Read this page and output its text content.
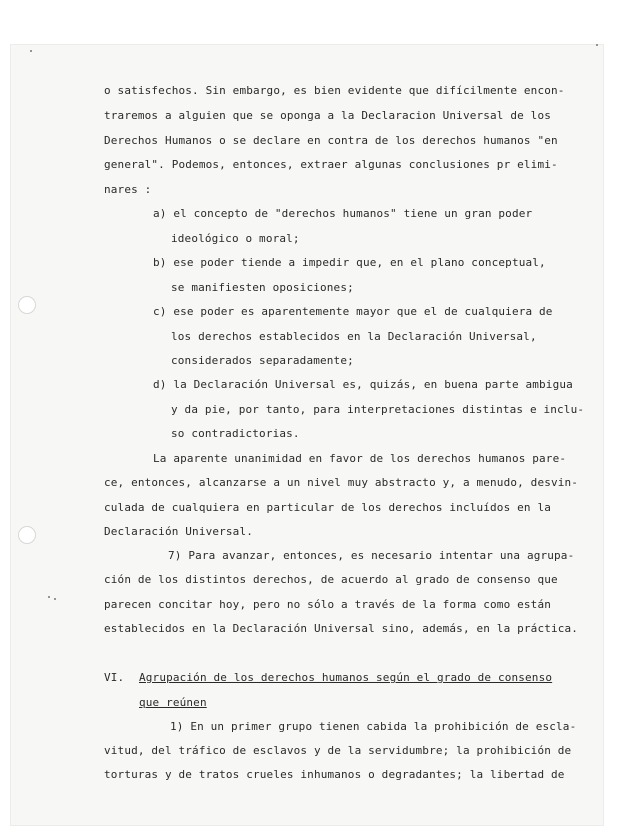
o satisfechos. Sin embargo, es bien evidente que difícilmente encon-
traremos a alguien que se oponga a la Declaracion Universal de los
Derechos Humanos o se declare en contra de los derechos humanos "en
general". Podemos, entonces, extraer algunas conclusiones pr elimi-
nares :
a) el concepto de "derechos humanos" tiene un gran poder
ideológico o moral;
b) ese poder tiende a impedir que, en el plano conceptual,
se manifiesten oposiciones;
c) ese poder es aparentemente mayor que el de cualquiera de
los derechos establecidos en la Declaración Universal,
considerados separadamente;
d) la Declaración Universal es, quizás, en buena parte ambigua
y da pie, por tanto, para interpretaciones distintas e inclu-
so contradictorias.
La aparente unanimidad en favor de los derechos humanos pare-
ce, entonces, alcanzarse a un nivel muy abstracto y, a menudo, desvin-
culada de cualquiera en particular de los derechos incluídos en la
Declaración Universal.
7) Para avanzar, entonces, es necesario intentar una agrupa-
ción de los distintos derechos, de acuerdo al grado de consenso que
parecen concitar hoy, pero no sólo a través de la forma como están
establecidos en la Declaración Universal sino, además, en la práctica.
VI. Agrupación de los derechos humanos según el grado de consenso
que reúnen
1) En un primer grupo tienen cabida la prohibición de escla-
vitud, del tráfico de esclavos y de la servidumbre; la prohibición de
torturas y de tratos crueles inhumanos o degradantes; la libertad de
